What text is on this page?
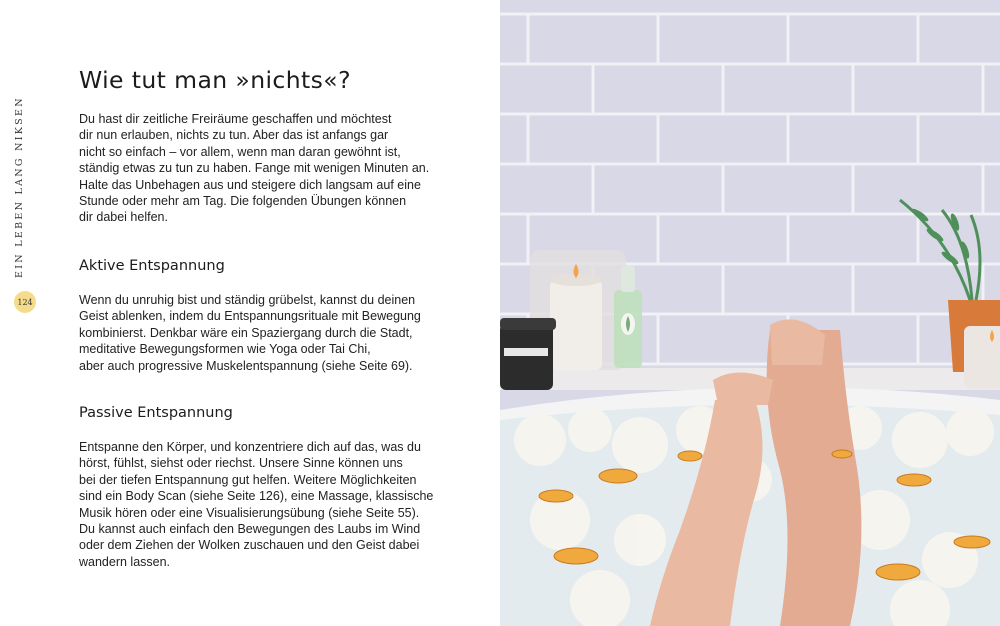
EIN LEBEN LANG NIKSEN
124
Wie tut man »nichts«?
Du hast dir zeitliche Freiräume geschaffen und möchtest
dir nun erlauben, nichts zu tun. Aber das ist anfangs gar
nicht so einfach – vor allem, wenn man daran gewöhnt ist,
ständig etwas zu tun zu haben. Fange mit wenigen Minuten an.
Halte das Unbehagen aus und steigere dich langsam auf eine
Stunde oder mehr am Tag. Die folgenden Übungen können
dir dabei helfen.
Aktive Entspannung
Wenn du unruhig bist und ständig grübelst, kannst du deinen
Geist ablenken, indem du Entspannungsrituale mit Bewegung
kombinierst. Denkbar wäre ein Spaziergang durch die Stadt,
meditative Bewegungsformen wie Yoga oder Tai Chi,
aber auch progressive Muskelentspannung (siehe Seite 69).
Passive Entspannung
Entspanne den Körper, und konzentriere dich auf das, was du
hörst, fühlst, siehst oder riechst. Unsere Sinne können uns
bei der tiefen Entspannung gut helfen. Weitere Möglichkeiten
sind ein Body Scan (siehe Seite 126), eine Massage, klassische
Musik hören oder eine Visualisierungsübung (siehe Seite 55).
Du kannst auch einfach den Bewegungen des Laubs im Wind
oder dem Ziehen der Wolken zuschauen und den Geist dabei
wandern lassen.
